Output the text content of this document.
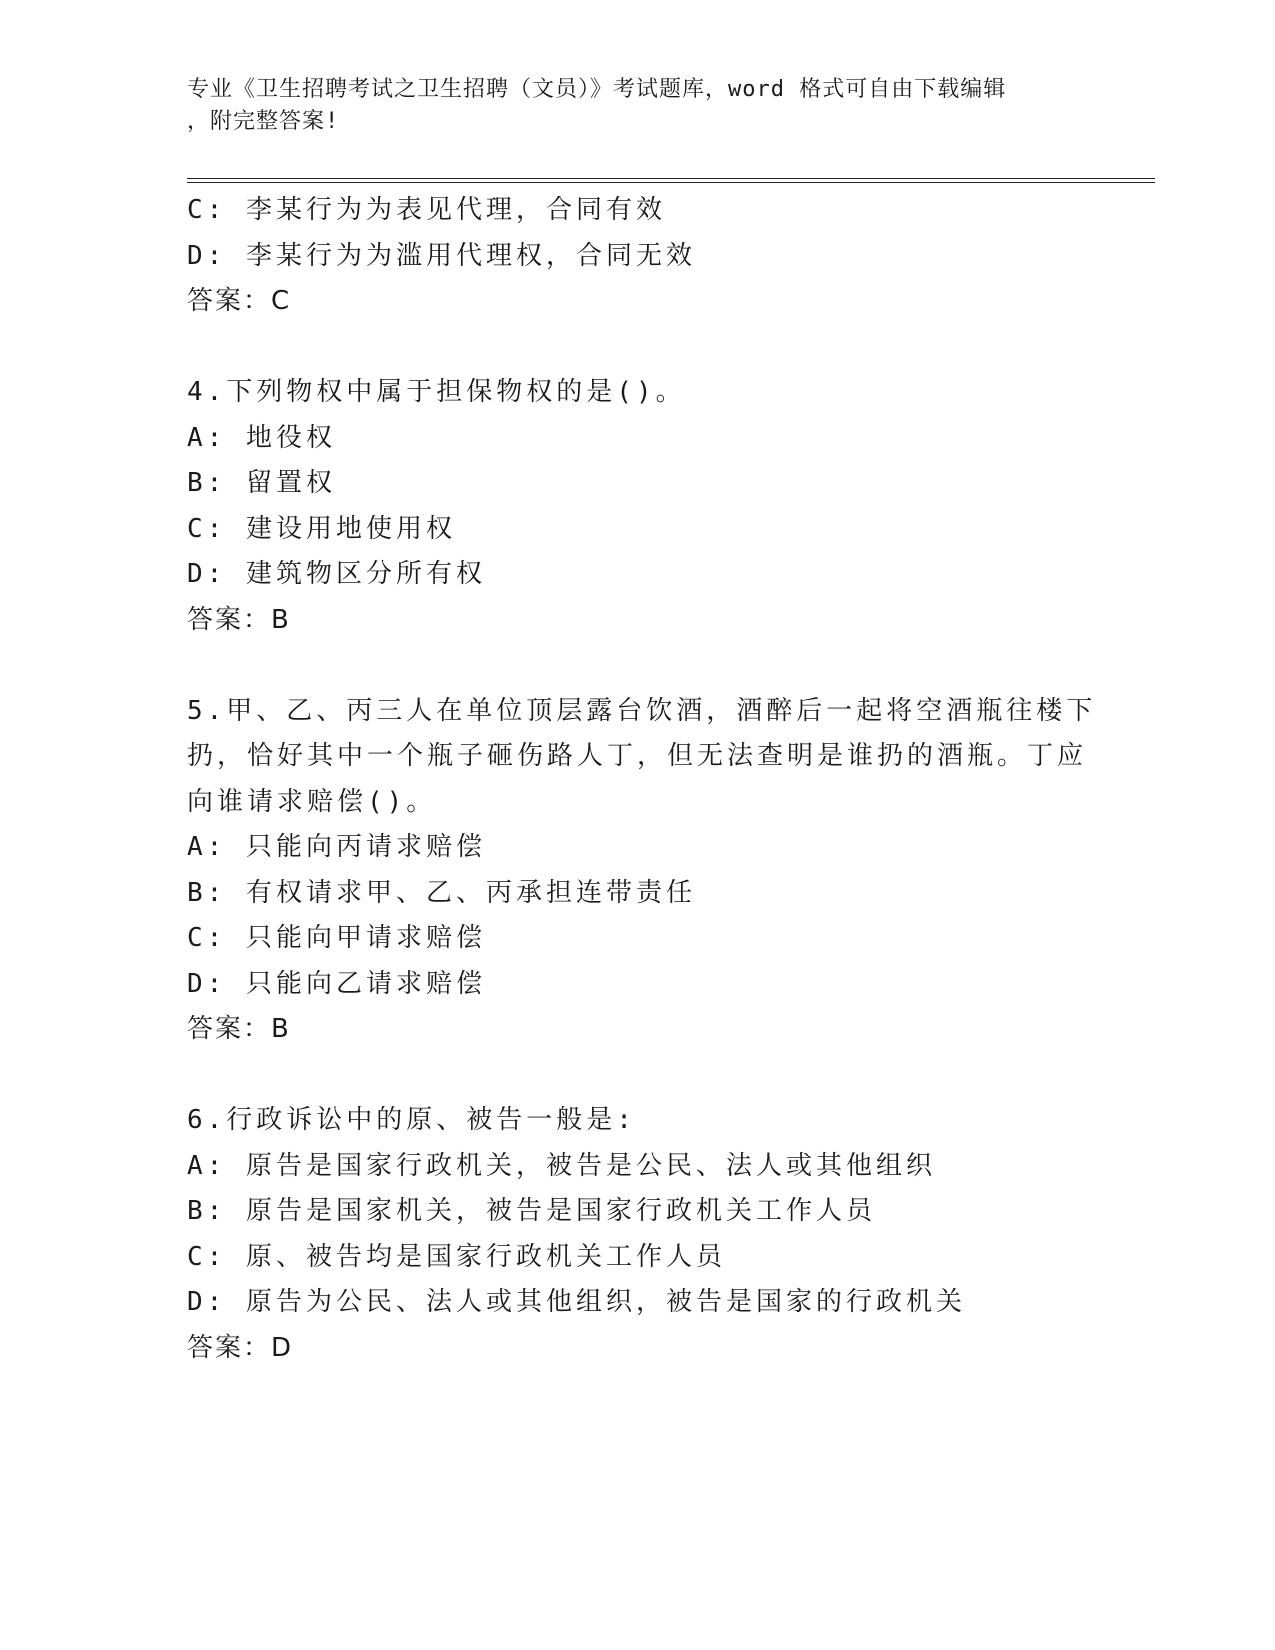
专业《卫生招聘考试之卫生招聘（文员）》考试题库，word 格式可自由下载编辑
，附完整答案!
C: 李某行为为表见代理，合同有效
D: 李某行为为滥用代理权，合同无效
答案：C
4.下列物权中属于担保物权的是()。
A: 地役权
B: 留置权
C: 建设用地使用权
D: 建筑物区分所有权
答案：B
5.甲、乙、丙三人在单位顶层露台饮酒，酒醉后一起将空酒瓶往楼下
扔，恰好其中一个瓶子砸伤路人丁，但无法查明是谁扔的酒瓶。丁应
向谁请求赔偿()。
A: 只能向丙请求赔偿
B: 有权请求甲、乙、丙承担连带责任
C: 只能向甲请求赔偿
D: 只能向乙请求赔偿
答案：B
6.行政诉讼中的原、被告一般是:
A: 原告是国家行政机关，被告是公民、法人或其他组织
B: 原告是国家机关，被告是国家行政机关工作人员
C: 原、被告均是国家行政机关工作人员
D: 原告为公民、法人或其他组织，被告是国家的行政机关
答案：D
